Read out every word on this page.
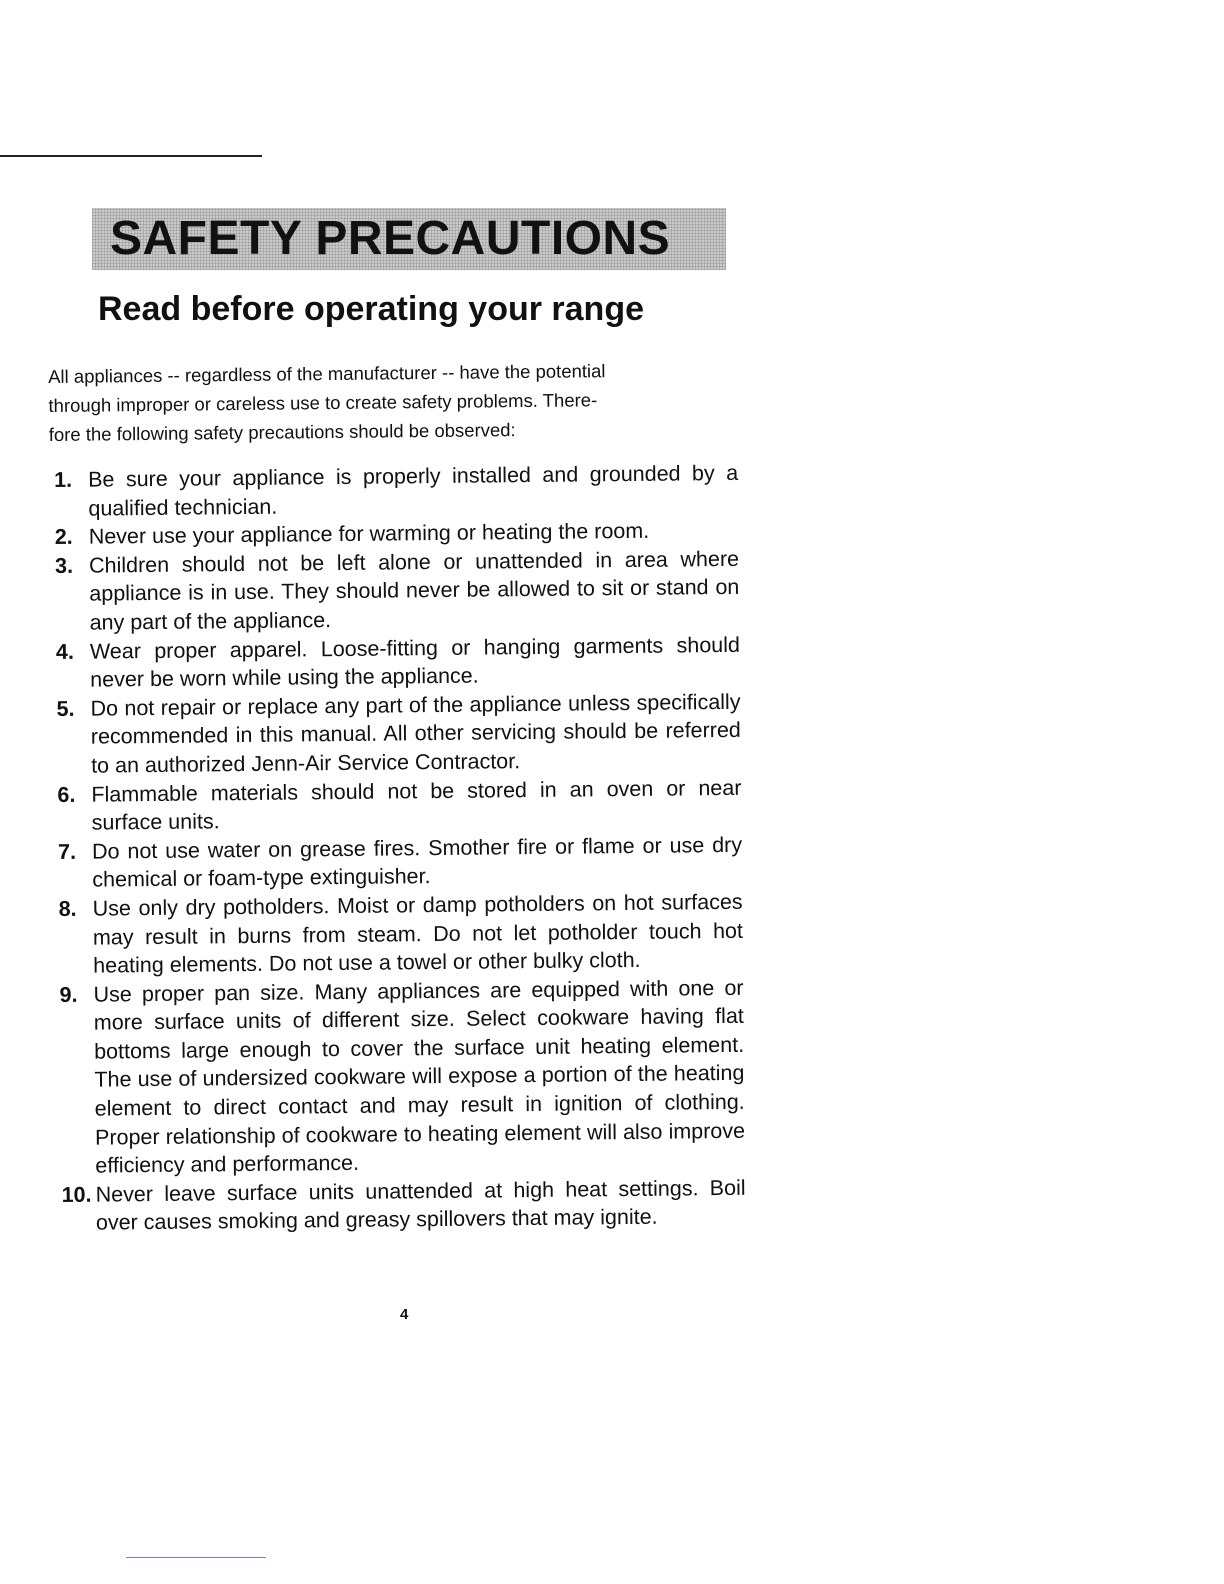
SAFETY PRECAUTIONS
Read before operating your range
All appliances -- regardless of the manufacturer -- have the potential
through improper or careless use to create safety problems. There-
fore the following safety precautions should be observed:
1. Be sure your appliance is properly installed and grounded by a qualified technician.
2. Never use your appliance for warming or heating the room.
3. Children should not be left alone or unattended in area where appliance is in use. They should never be allowed to sit or stand on any part of the appliance.
4. Wear proper apparel. Loose-fitting or hanging garments should never be worn while using the appliance.
5. Do not repair or replace any part of the appliance unless specifically recommended in this manual. All other servicing should be referred to an authorized Jenn-Air Service Contractor.
6. Flammable materials should not be stored in an oven or near surface units.
7. Do not use water on grease fires. Smother fire or flame or use dry chemical or foam-type extinguisher.
8. Use only dry potholders. Moist or damp potholders on hot surfaces may result in burns from steam. Do not let potholder touch hot heating elements. Do not use a towel or other bulky cloth.
9. Use proper pan size. Many appliances are equipped with one or more surface units of different size. Select cookware having flat bottoms large enough to cover the surface unit heating element. The use of undersized cookware will expose a portion of the heating element to direct contact and may result in ignition of clothing. Proper relationship of cookware to heating element will also improve efficiency and performance.
10. Never leave surface units unattended at high heat settings. Boil over causes smoking and greasy spillovers that may ignite.
4
